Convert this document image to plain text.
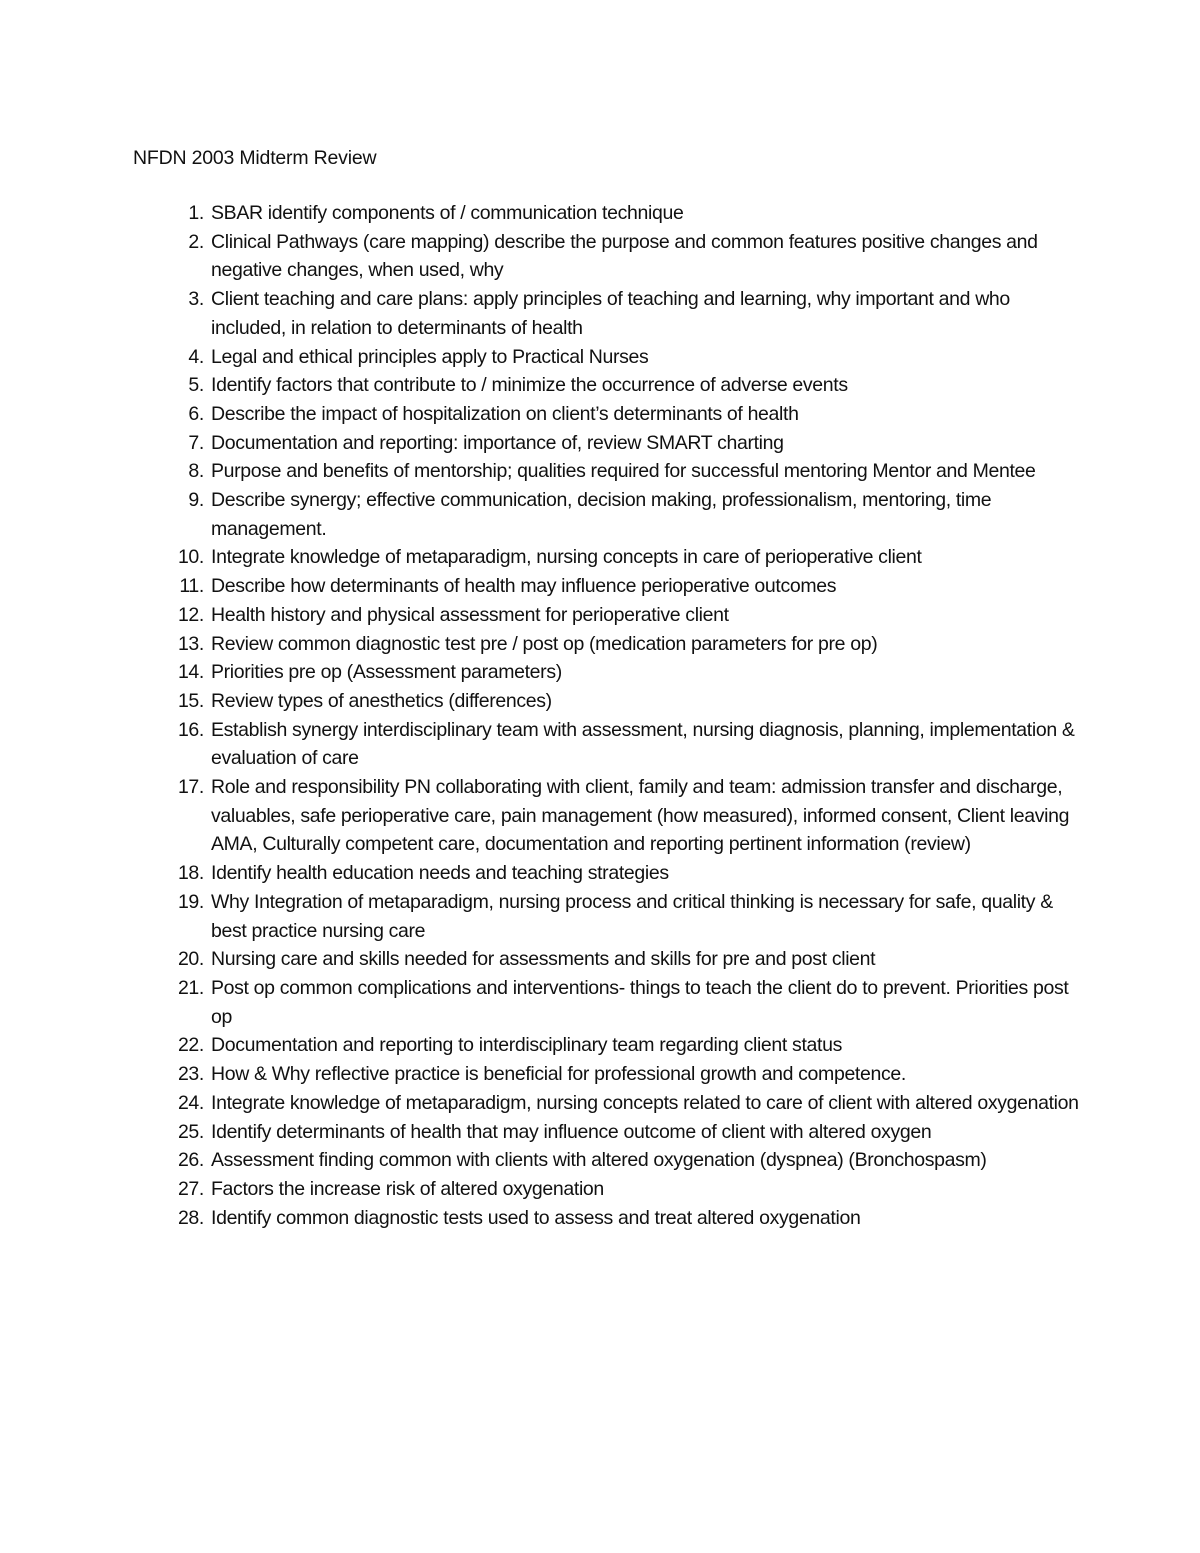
NFDN 2003 Midterm Review
1. SBAR identify components of / communication technique
2. Clinical Pathways (care mapping) describe the purpose and common features positive changes and negative changes, when used, why
3. Client teaching and care plans: apply principles of teaching and learning, why important and who included, in relation to determinants of health
4. Legal and ethical principles apply to Practical Nurses
5. Identify factors that contribute to / minimize the occurrence of adverse events
6. Describe the impact of hospitalization on client’s determinants of health
7. Documentation and reporting: importance of, review SMART charting
8. Purpose and benefits of mentorship; qualities required for successful mentoring Mentor and Mentee
9. Describe synergy; effective communication, decision making, professionalism, mentoring, time management.
10. Integrate knowledge of metaparadigm, nursing concepts in care of perioperative client
11. Describe how determinants of health may influence perioperative outcomes
12. Health history and physical assessment for perioperative client
13. Review common diagnostic test pre / post op (medication parameters for pre op)
14. Priorities pre op (Assessment parameters)
15. Review types of anesthetics (differences)
16. Establish synergy interdisciplinary team with assessment, nursing diagnosis, planning, implementation & evaluation of care
17. Role and responsibility PN collaborating with client, family and team: admission transfer and discharge, valuables, safe perioperative care, pain management (how measured), informed consent, Client leaving AMA, Culturally competent care, documentation and reporting pertinent information (review)
18. Identify health education needs and teaching strategies
19. Why Integration of metaparadigm, nursing process and critical thinking is necessary for safe, quality & best practice nursing care
20. Nursing care and skills needed for assessments and skills for pre and post client
21. Post op common complications and interventions- things to teach the client do to prevent. Priorities post op
22. Documentation and reporting to interdisciplinary team regarding client status
23. How & Why reflective practice is beneficial for professional growth and competence.
24. Integrate knowledge of metaparadigm, nursing concepts related to care of client with altered oxygenation
25. Identify determinants of health that may influence outcome of client with altered oxygen
26. Assessment finding common with clients with altered oxygenation (dyspnea) (Bronchospasm)
27. Factors the increase risk of altered oxygenation
28. Identify common diagnostic tests used to assess and treat altered oxygenation
